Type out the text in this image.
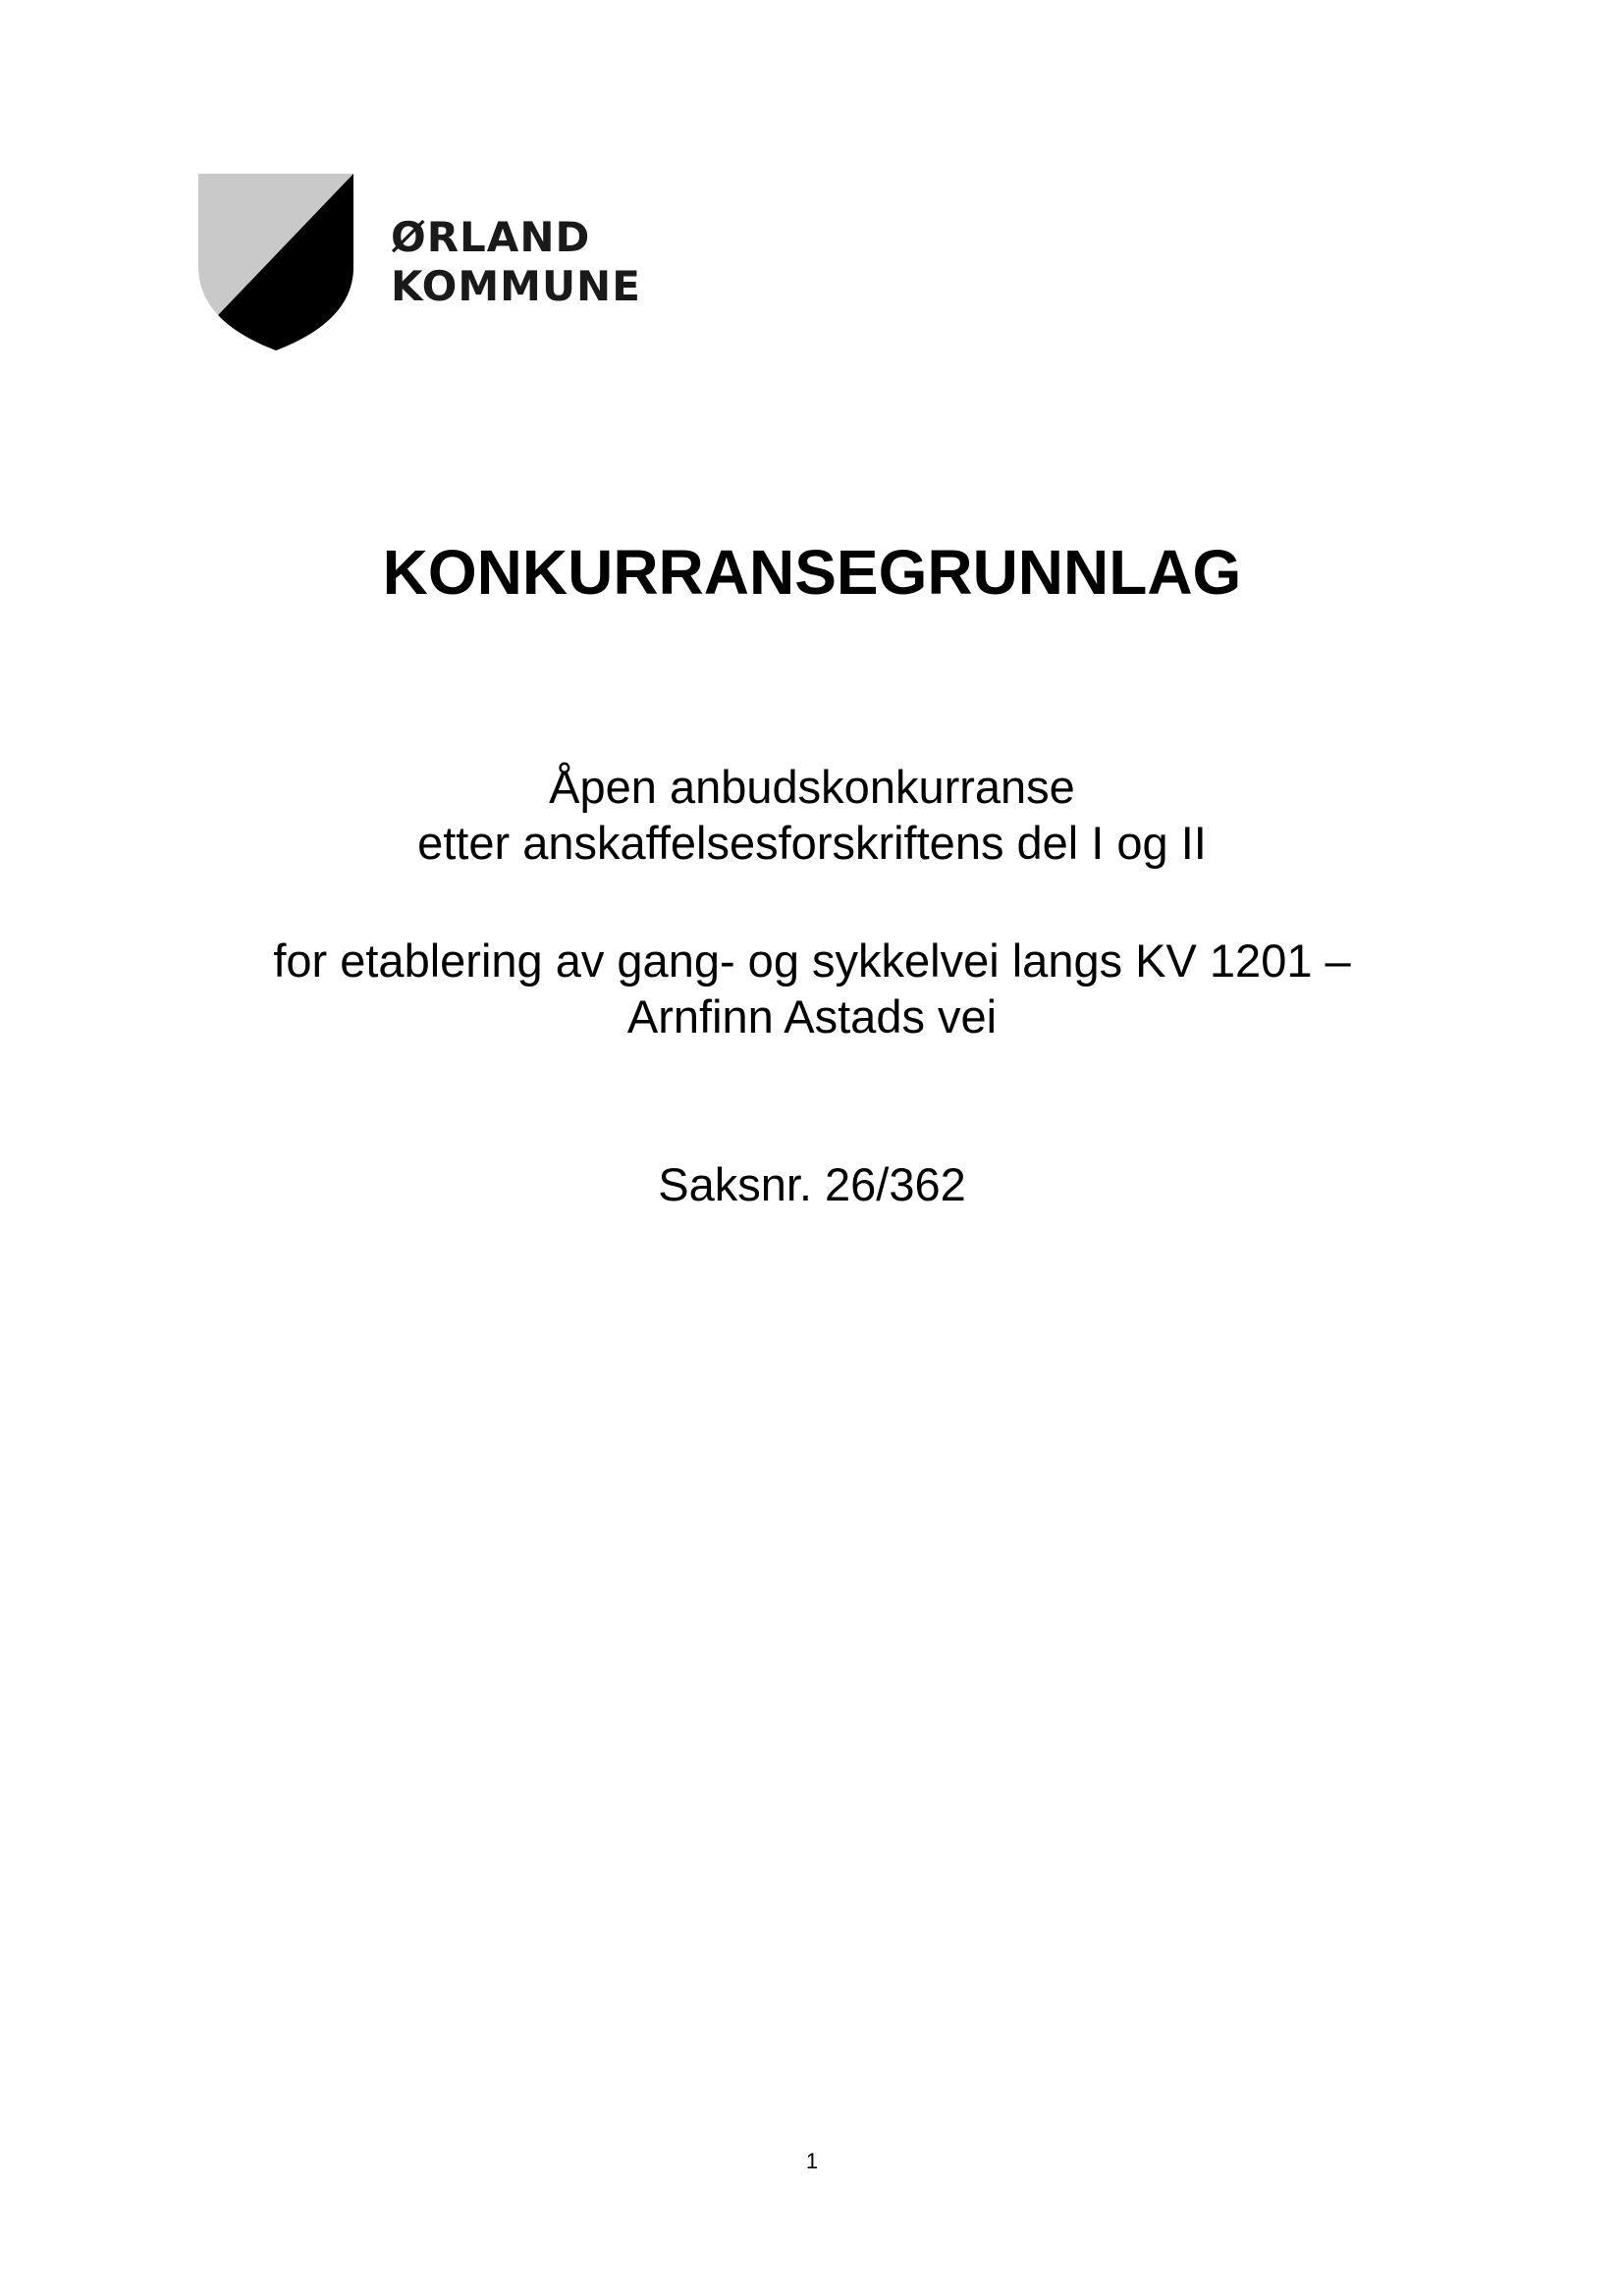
ØRLAND
KOMMUNE
KONKURRANSEGRUNNLAG
Åpen anbudskonkurranse
etter anskaffelsesforskriftens del I og II
for etablering av gang- og sykkelvei langs KV 1201 –
Arnfinn Astads vei
Saksnr. 26/362
1
